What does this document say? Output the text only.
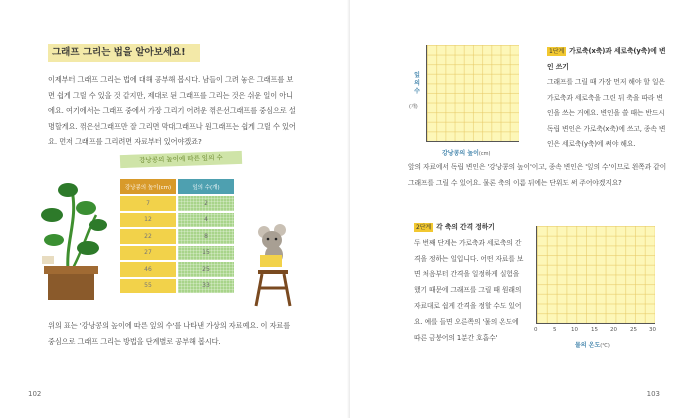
그래프 그리는 법을 알아보세요!
이제부터 그래프 그리는 법에 대해 공부해 봅시다. 남들이 그려 놓은 그래프를 보면 쉽게 그릴 수 있을 것 같지만, 제대로 된 그래프를 그리는 것은 쉬운 일이 아니에요. 여기에서는 그래프 중에서 가장 그리기 어려운 꺾은선그래프를 중심으로 설명할게요. 꺾은선그래프만 잘 그리면 막대그래프나 원그래프는 쉽게 그릴 수 있어요. 먼저 그래프를 그리려면 자료부터 있어야겠죠?
강낭콩의 높이에 따른 잎의 수
강낭콩의 높이(cm)	잎의 수(개)
7	2
12	4
22	8
27	15
46	25
55	33
위의 표는 '강낭콩의 높이에 따른 잎의 수'를 나타낸 가상의 자료예요. 이 자료를 중심으로 그래프 그리는 방법을 단계별로 공부해 봅시다.
102	103
잎의 수
(개)
강낭콩의 높이(cm)
1단계 가로축(x축)과 세로축(y축)에 변인 쓰기
그래프를 그릴 때 가장 먼저 해야 할 일은 가로축과 세로축을 그린 뒤 축을 따라 변인을 쓰는 거예요. 변인을 쓸 때는 반드시 독립 변인은 가로축(x축)에 쓰고, 종속 변인은 세로축(y축)에 써야 해요.
앞의 자료에서 독립 변인은 '강낭콩의 높이'이고, 종속 변인은 '잎의 수'이므로 왼쪽과 같이 그래프를 그릴 수 있어요. 물론 축의 이름 뒤에는 단위도 써 주어야겠지요?
2단계 각 축의 간격 정하기
두 번째 단계는 가로축과 세로축의 간격을 정하는 일입니다. 어떤 자료를 보면 처음부터 간격을 일정하게 실험을 했기 때문에 그래프를 그릴 때 원래의 자료대로 쉽게 간격을 정할 수도 있어요. 예를 들면 오른쪽의 '물의 온도에 따른 금붕어의 1분간 호흡수'
0	5	10 15 20 25 30
물의 온도(℃)
